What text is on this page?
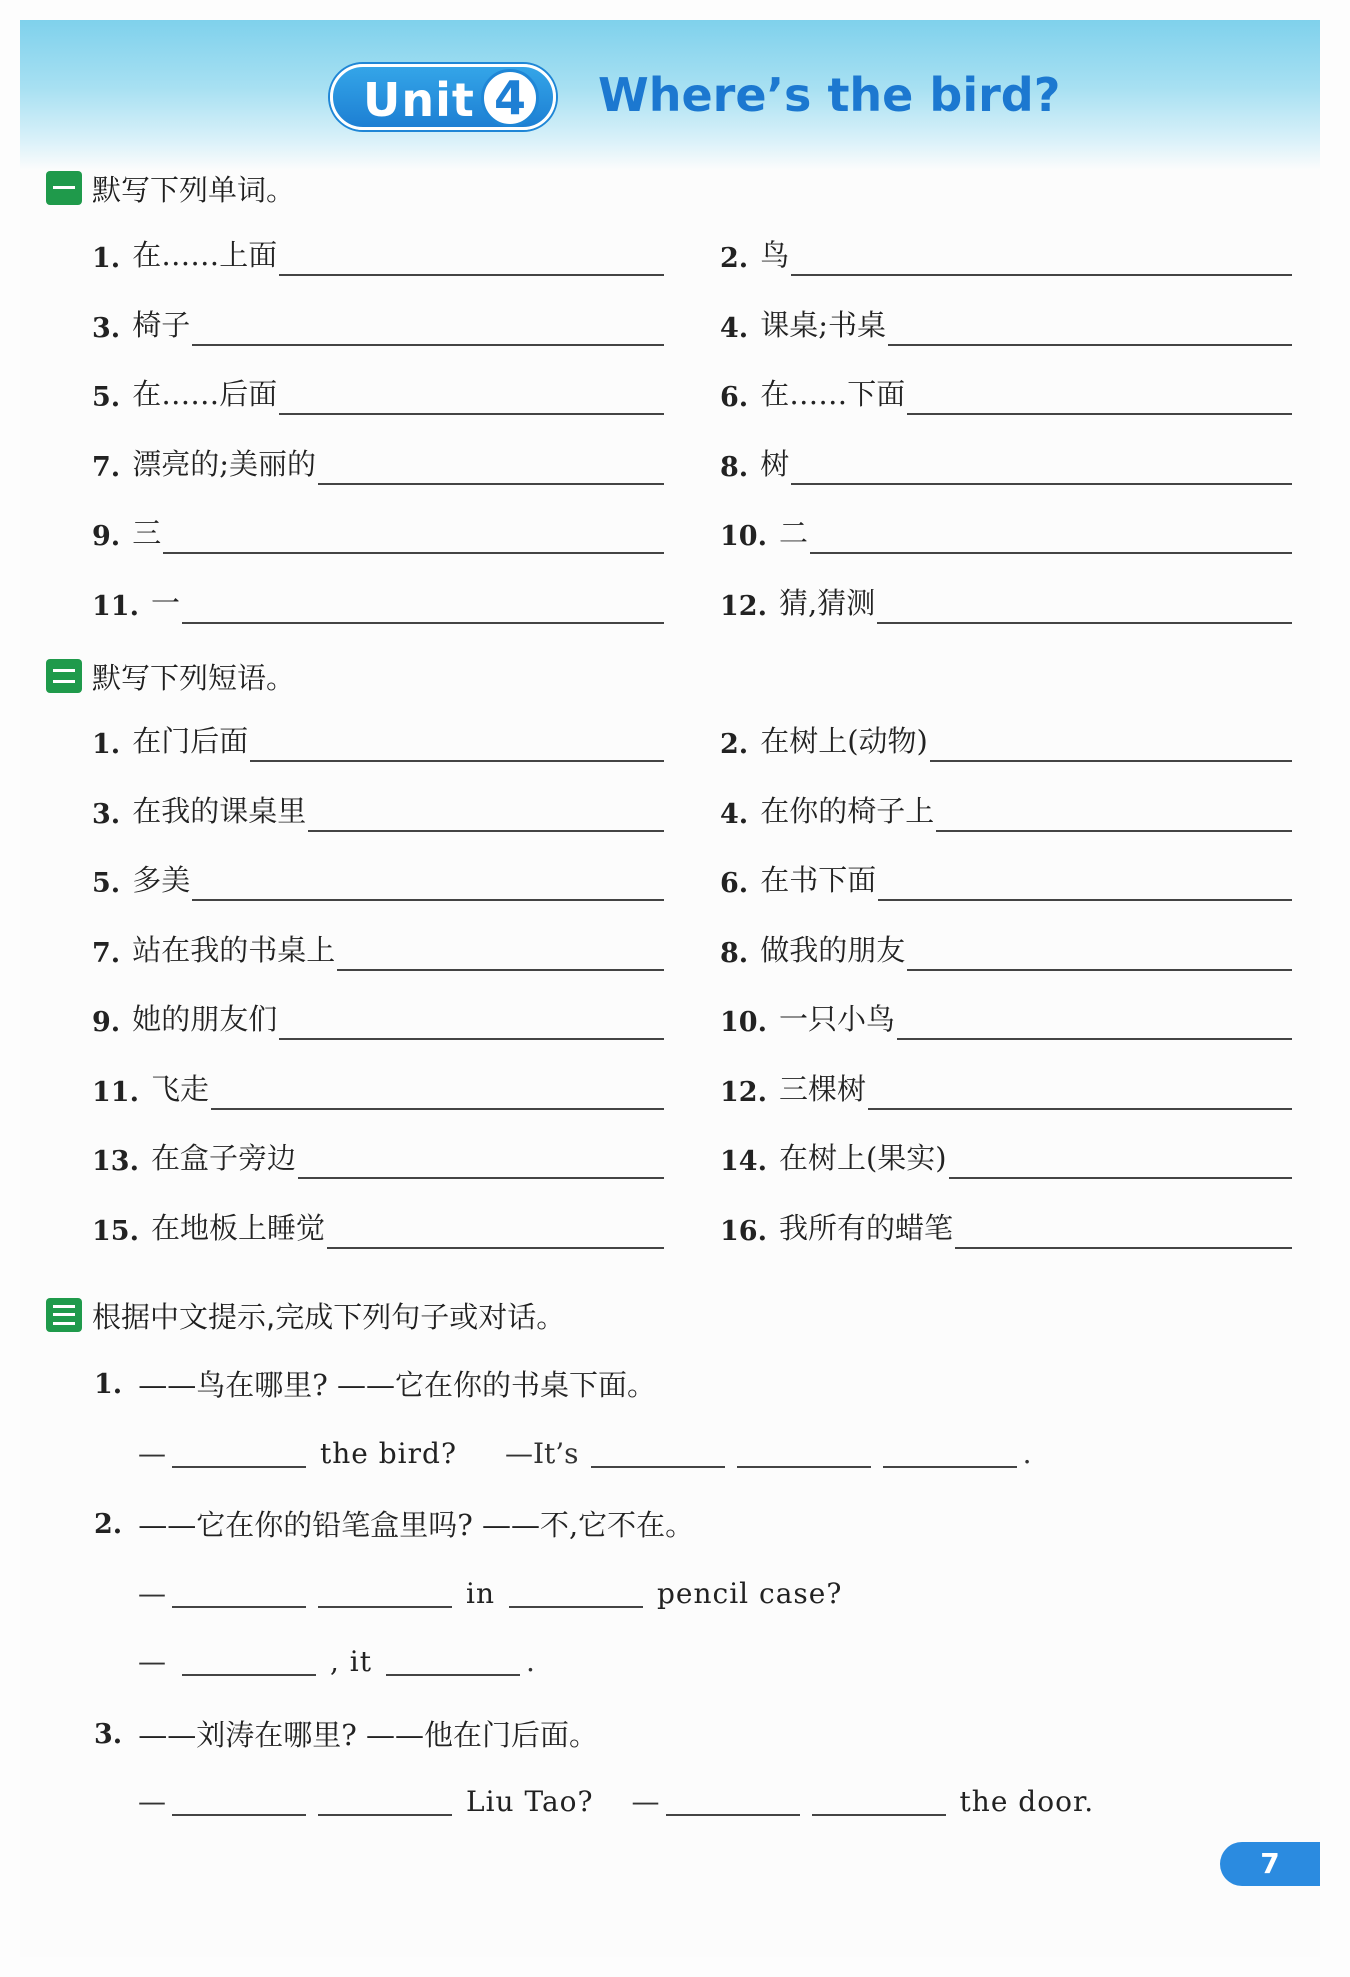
Unit 4 Where’s the bird?
默写下列单词。
1. 在……上面	2. 鸟
3. 椅子	4. 课桌;书桌
5. 在……后面	6. 在……下面
7. 漂亮的;美丽的	8. 树
9. 三	10. 二
11. 一	12. 猜,猜测
默写下列短语。
1. 在门后面	2. 在树上(动物)
3. 在我的课桌里	4. 在你的椅子上
5. 多美	6. 在书下面
7. 站在我的书桌上	8. 做我的朋友
9. 她的朋友们	10. 一只小鸟
11. 飞走	12. 三棵树
13. 在盒子旁边	14. 在树上(果实)
15. 在地板上睡觉	16. 我所有的蜡笔
根据中文提示,完成下列句子或对话。
1. ——鸟在哪里? ——它在你的书桌下面。
—	the bird? —It’s	.
2. ——它在你的铅笔盒里吗? ——不,它不在。
—	in	pencil case?
—	, it	.
3. ——刘涛在哪里? ——他在门后面。
—	Liu Tao? —	the door.
7
